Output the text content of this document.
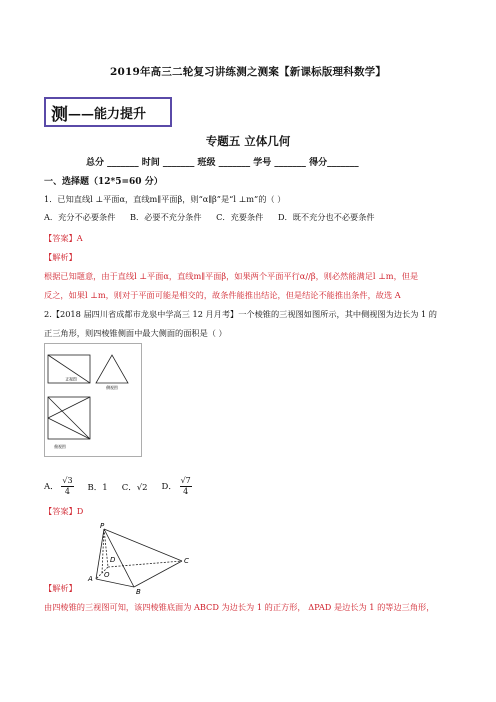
2019年高三二轮复习讲练测之测案【新课标版理科数学】
测 ——能力提升
专题五 立体几何
总分 _______ 时间 _______ 班级 _______ 学号 _______ 得分_______
一、选择题（12*5=60 分）
1．已知直线l ⊥平面α，直线m∥平面β，则“α∥β”是“l ⊥m”的（ ）
A．充分不必要条件 B．必要不充分条件 C．充要条件 D．既不充分也不必要条件
【答案】A
【解析】
根据已知题意，由于直线l ⊥平面α，直线m∥平面β，如果两个平面平行α//β，则必然能满足l ⊥m，但是
反之，如果l ⊥m，则对于平面可能是相交的，故条件能推出结论，但是结论不能推出条件，故选 A
2.【2018 届四川省成都市龙泉中学高三 12 月月考】一个棱锥的三视图如图所示，其中侧视图为边长为 1 的
正三角形，则四棱锥侧面中最大侧面的面积是（ ）
正视图
侧视图
俯视图
A． $\frac{√3}{4}$ B．1 C．√2 D． $\frac{√7}{4}$
【答案】D
P
D	C
O
A
B
【解析】
由四棱锥的三视图可知，该四棱锥底面为 ABCD 为边长为 1 的正方形， ΔPAD 是边长为 1 的等边三角形，
